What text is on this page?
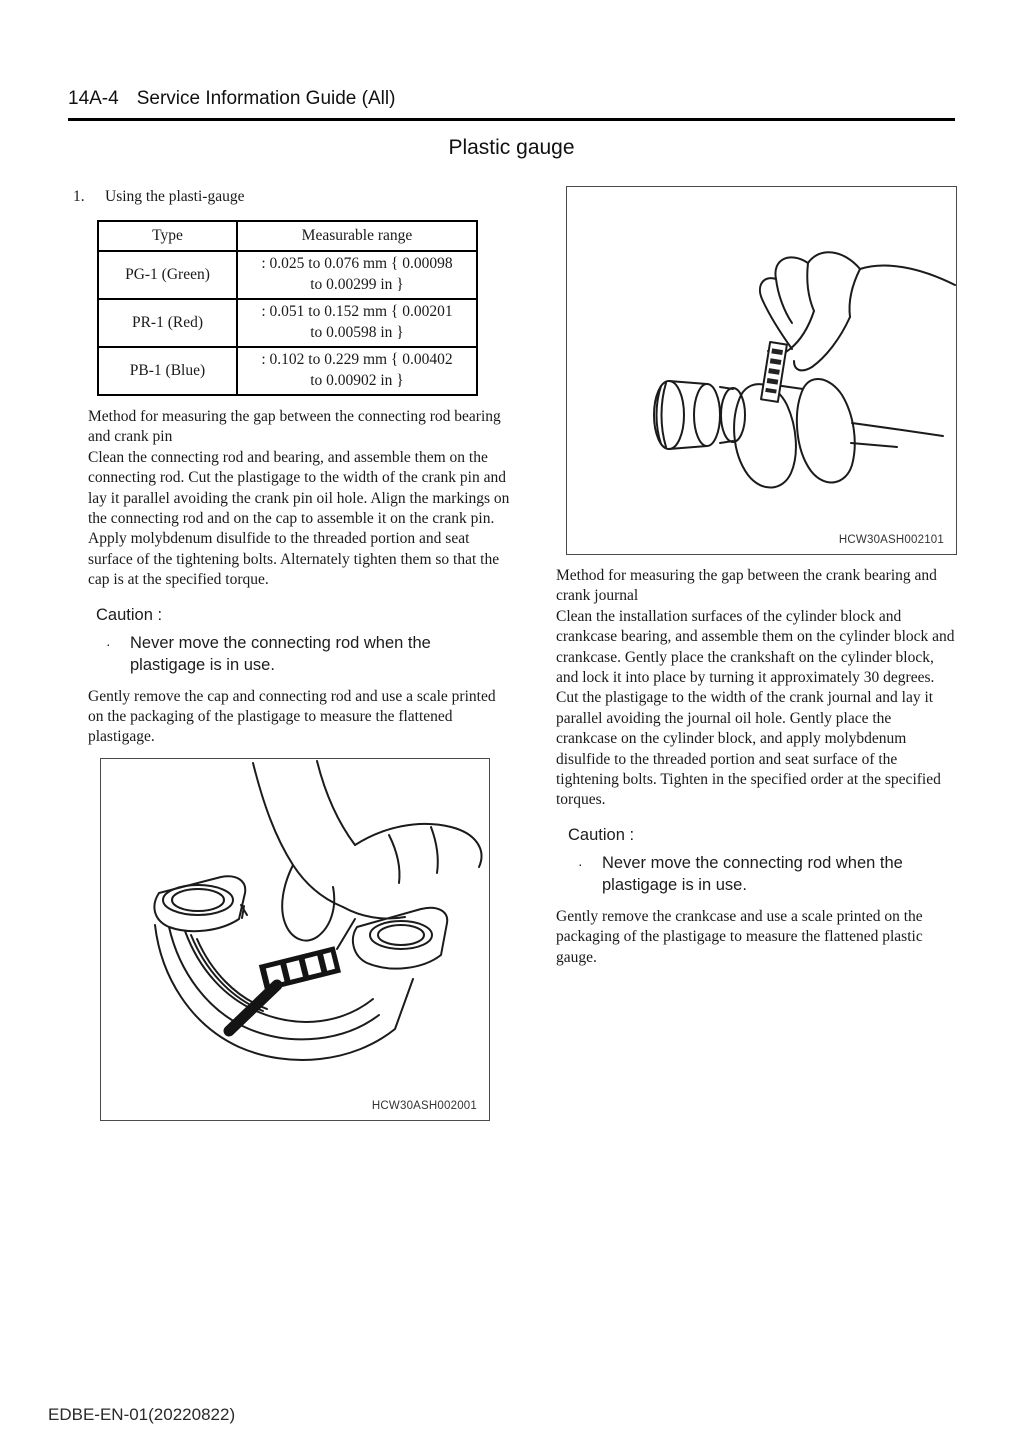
14A-4 Service Information Guide (All)
Plastic gauge
1.	Using the plasti-gauge
Type	Measurable range
PG-1 (Green)	: 0.025 to 0.076 mm { 0.00098
to 0.00299 in }

PR-1 (Red)	: 0.051 to 0.152 mm { 0.00201
to 0.00598 in }

PB-1 (Blue)	: 0.102 to 0.229 mm { 0.00402
to 0.00902 in }
Method for measuring the gap between the connecting rod bearing and crank pin
Clean the connecting rod and bearing, and assemble them on the connecting rod. Cut the plastigage to the width of the crank pin and lay it parallel avoiding the crank pin oil hole. Align the markings on the connecting rod and on the cap to assemble it on the crank pin. Apply molybdenum disulfide to the threaded portion and seat surface of the tightening bolts. Alternately tighten them so that the cap is at the specified torque.
Caution :
·	Never move the connecting rod when the plastigage is in use.
Gently remove the cap and connecting rod and use a scale printed on the packaging of the plastigage to measure the flattened plastigage.
HCW30ASH002001
HCW30ASH002101
Method for measuring the gap between the crank bearing and crank journal
Clean the installation surfaces of the cylinder block and crankcase bearing, and assemble them on the cylinder block and crankcase. Gently place the crankshaft on the cylinder block, and lock it into place by turning it approximately 30 degrees. Cut the plastigage to the width of the crank journal and lay it parallel avoiding the journal oil hole. Gently place the crankcase on the cylinder block, and apply molybdenum disulfide to the threaded portion and seat surface of the tightening bolts. Tighten in the specified order at the specified torques.
Caution :
·	Never move the connecting rod when the plastigage is in use.
Gently remove the crankcase and use a scale printed on the packaging of the plastigage to measure the flattened plastic gauge.
EDBE-EN-01(20220822)
